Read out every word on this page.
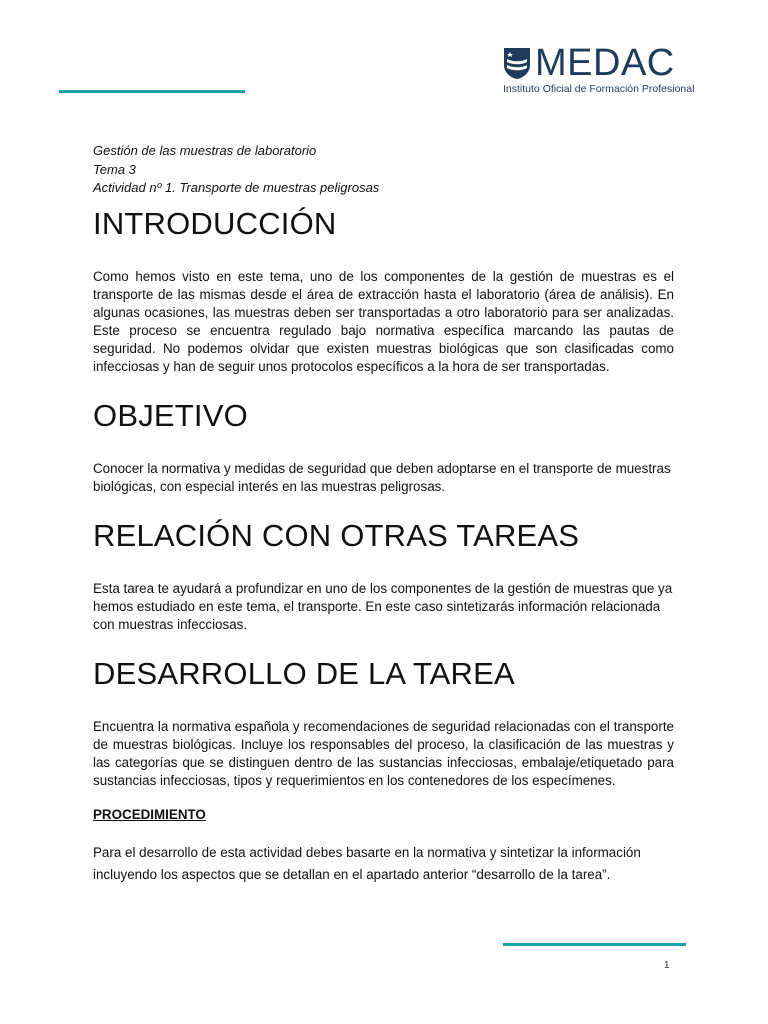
MEDAC
Instituto Oficial de Formación Profesional

Gestión de las muestras de laboratorio

Tema 3

Actividad nº 1. Transporte de muestras peligrosas

INTRODUCCIÓN

Como hemos visto en este tema, uno de los componentes de la gestión de muestras es el transporte de las mismas desde el área de extracción hasta el laboratorio (área de análisis). En algunas ocasiones, las muestras deben ser transportadas a otro laboratorio para ser analizadas. Este proceso se encuentra regulado bajo normativa específica marcando las pautas de seguridad. No podemos olvidar que existen muestras biológicas que son clasificadas como infecciosas y han de seguir unos protocolos específicos a la hora de ser transportadas.

OBJETIVO

Conocer la normativa y medidas de seguridad que deben adoptarse en el transporte de muestras biológicas, con especial interés en las muestras peligrosas.

RELACIÓN CON OTRAS TAREAS

Esta tarea te ayudará a profundizar en uno de los componentes de la gestión de muestras que ya hemos estudiado en este tema, el transporte. En este caso sintetizarás información relacionada con muestras infecciosas.

DESARROLLO DE LA TAREA

Encuentra la normativa española y recomendaciones de seguridad relacionadas con el transporte de muestras biológicas. Incluye los responsables del proceso, la clasificación de las muestras y las categorías que se distinguen dentro de las sustancias infecciosas, embalaje/etiquetado para sustancias infecciosas, tipos y requerimientos en los contenedores de los especímenes.

PROCEDIMIENTO

Para el desarrollo de esta actividad debes basarte en la normativa y sintetizar la información incluyendo los aspectos que se detallan en el apartado anterior “desarrollo de la tarea”.

1
